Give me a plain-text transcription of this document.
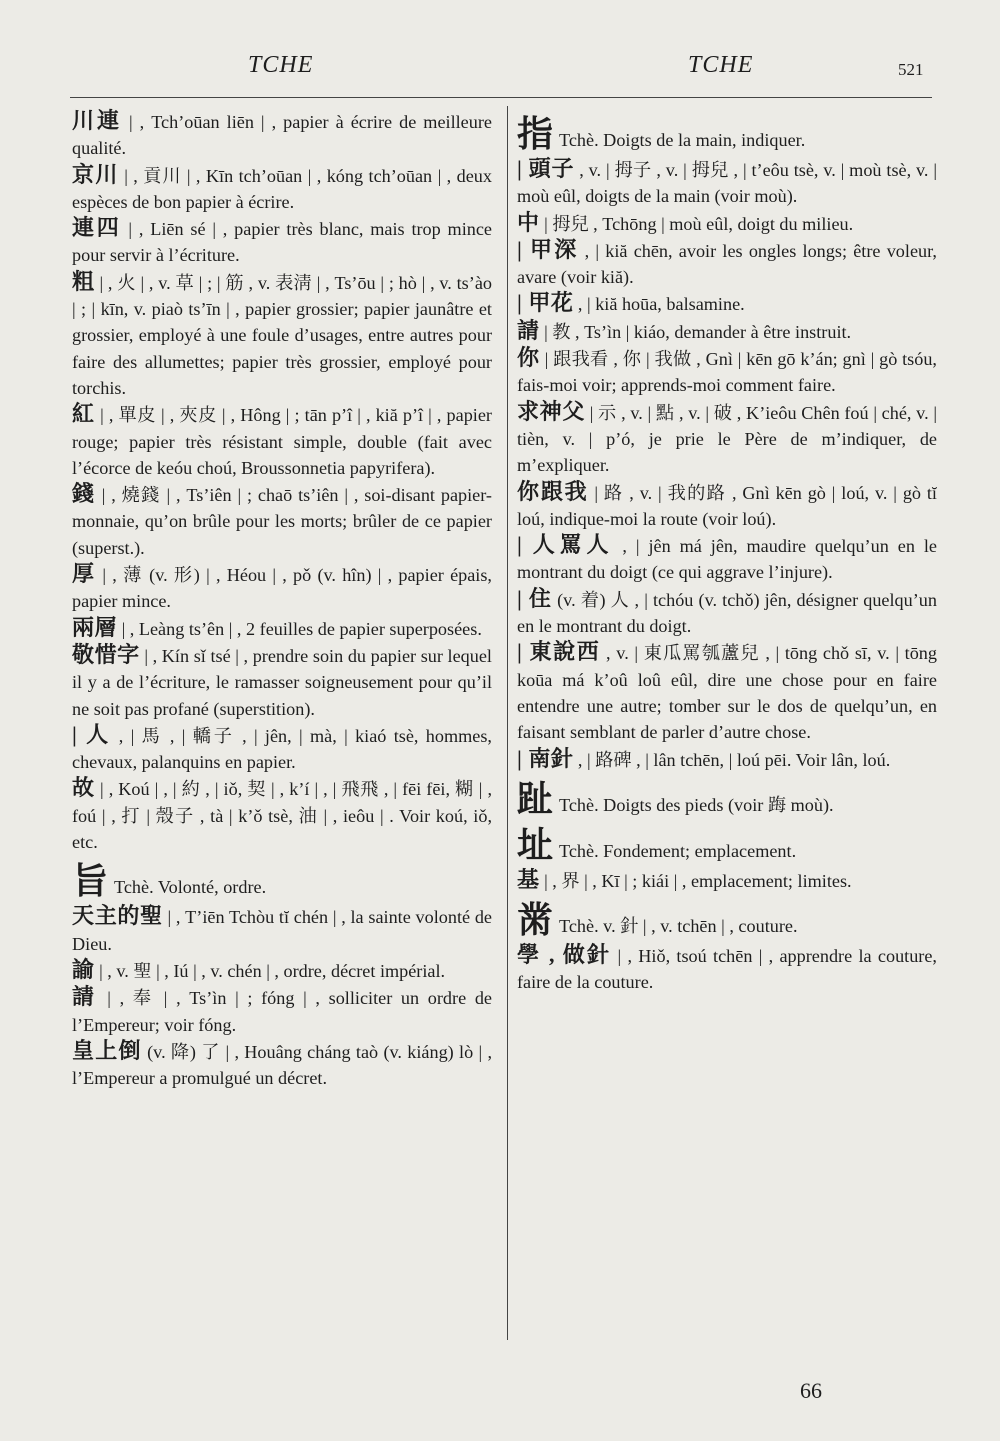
TCHE	TCHE	521
川連 | , Tch’oūan liēn | , papier à écrire de meilleure qualité.
京川 | , 貢川 | , Kīn tch’oūan | , kóng tch’oūan | , deux espèces de bon papier à écrire.
連四 | , Liēn sé | , papier très blanc, mais trop mince pour servir à l’écriture.
粗 | , 火 | , v. 草 | ; | 筋 , v. 表淸 | , Ts’ōu | ; hò | , v. ts’ào | ; | kīn, v. piaò ts’īn | , papier grossier; papier jaunâtre et grossier, employé à une foule d’usages, entre autres pour faire des allumettes; papier très grossier, employé pour torchis.
紅 | , 單皮 | , 夾皮 | , Hông | ; tān p’î | , kiă p’î | , papier rouge; papier très résistant simple, double (fait avec l’écorce de keóu choú, Broussonnetia papyrifera).
錢 | , 燒錢 | , Ts’iên | ; chaō ts’iên | , soi-disant papier-monnaie, qu’on brûle pour les morts; brûler de ce papier (superst.).
厚 | , 薄 (v. 形) | , Héou | , pǒ (v. hîn) | , papier épais, papier mince.
兩層 | , Leàng ts’ên | , 2 feuilles de papier superposées.
敬惜字 | , Kín sǐ tsé | , prendre soin du papier sur lequel il y a de l’écriture, le ramasser soigneusement pour qu’il ne soit pas profané (superstition).
| 人 , | 馬 , | 轎子 , | jên, | mà, | kiaó tsè, hommes, chevaux, palanquins en papier.
故 | , Koú | , | 約 , | iǒ, 契 | , k’í | , | 飛飛 , | fēi fēi, 糊 | , foú | , 打 | 殼子 , tà | k’ǒ tsè, 油 | , ieôu | . Voir koú, iǒ, etc.
旨 Tchè. Volonté, ordre.
天主的聖 | , T’iēn Tchòu tĭ chén | , la sainte volonté de Dieu.
諭 | , v. 聖 | , Iú | , v. chén | , ordre, décret impérial.
請 | , 奉 | , Ts’ìn | ; fóng | , solliciter un ordre de l’Empereur; voir fóng.
皇上倒 (v. 降) 了 | , Houâng cháng taò (v. kiáng) lò | , l’Empereur a promulgué un décret.
指 Tchè. Doigts de la main, indiquer.
| 頭子 , v. | 拇子 , v. | 拇兒 , | t’eôu tsè, v. | moù tsè, v. | moù eûl, doigts de la main (voir moù).
中 | 拇兒 , Tchōng | moù eûl, doigt du milieu.
| 甲深 , | kiă chēn, avoir les ongles longs; être voleur, avare (voir kiă).
| 甲花 , | kiă hoūa, balsamine.
請 | 教 , Ts’ìn | kiáo, demander à être instruit.
你 | 跟我看 , 你 | 我做 , Gnì | kēn gō k’án; gnì | gò tsóu, fais-moi voir; apprends-moi comment faire.
求神父 | 示 , v. | 點 , v. | 破 , K’ieôu Chên foú | ché, v. | tièn, v. | p’ó, je prie le Père de m’indiquer, de m’expliquer.
你跟我 | 路 , v. | 我的路 , Gnì kēn gò | loú, v. | gò tĭ loú, indique-moi la route (voir loú).
| 人罵人 , | jên má jên, maudire quelqu’un en le montrant du doigt (ce qui aggrave l’injure).
| 住 (v. 着) 人 , | tchóu (v. tchǒ) jên, désigner quelqu’un en le montrant du doigt.
| 東說西 , v. | 東瓜罵瓠蘆兒 , | tōng chǒ sī, v. | tōng koūa má k’oû loû eûl, dire une chose pour en faire entendre une autre; tomber sur le dos de quelqu’un, en faisant semblant de parler d’autre chose.
| 南針 , | 路碑 , | lân tchēn, | loú pēi. Voir lân, loú.
趾 Tchè. Doigts des pieds (voir 踇 moù).
址 Tchè. Fondement; emplacement.
基 | , 界 | , Kī | ; kiái | , emplacement; limites.
黹 Tchè. v. 針 | , v. tchēn | , couture.
學 , 做針 | , Hiǒ, tsoú tchēn | , apprendre la couture, faire de la couture.
66
